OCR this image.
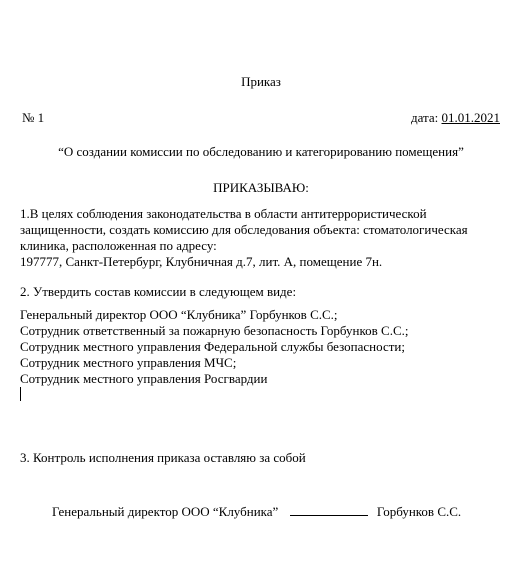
Приказ
№ 1	дата: 01.01.2021
“О создании комиссии по обследованию и категорированию помещения”
ПРИКАЗЫВАЮ:
1.В целях соблюдения законодательства в области антитеррористической
защищенности, создать комиссию для обследования объекта: стоматологическая
клиника, расположенная по адресу:
197777, Санкт-Петербург, Клубничная д.7, лит. А, помещение 7н.
2. Утвердить состав комиссии в следующем виде:
Генеральный директор ООО “Клубника” Горбунков С.С.;
Сотрудник ответственный за пожарную безопасность Горбунков С.С.;
Сотрудник местного управления Федеральной службы безопасности;
Сотрудник местного управления МЧС;
Сотрудник местного управления Росгвардии
3. Контроль исполнения приказа оставляю за собой
Генеральный директор ООО “Клубника”	Горбунков С.С.
